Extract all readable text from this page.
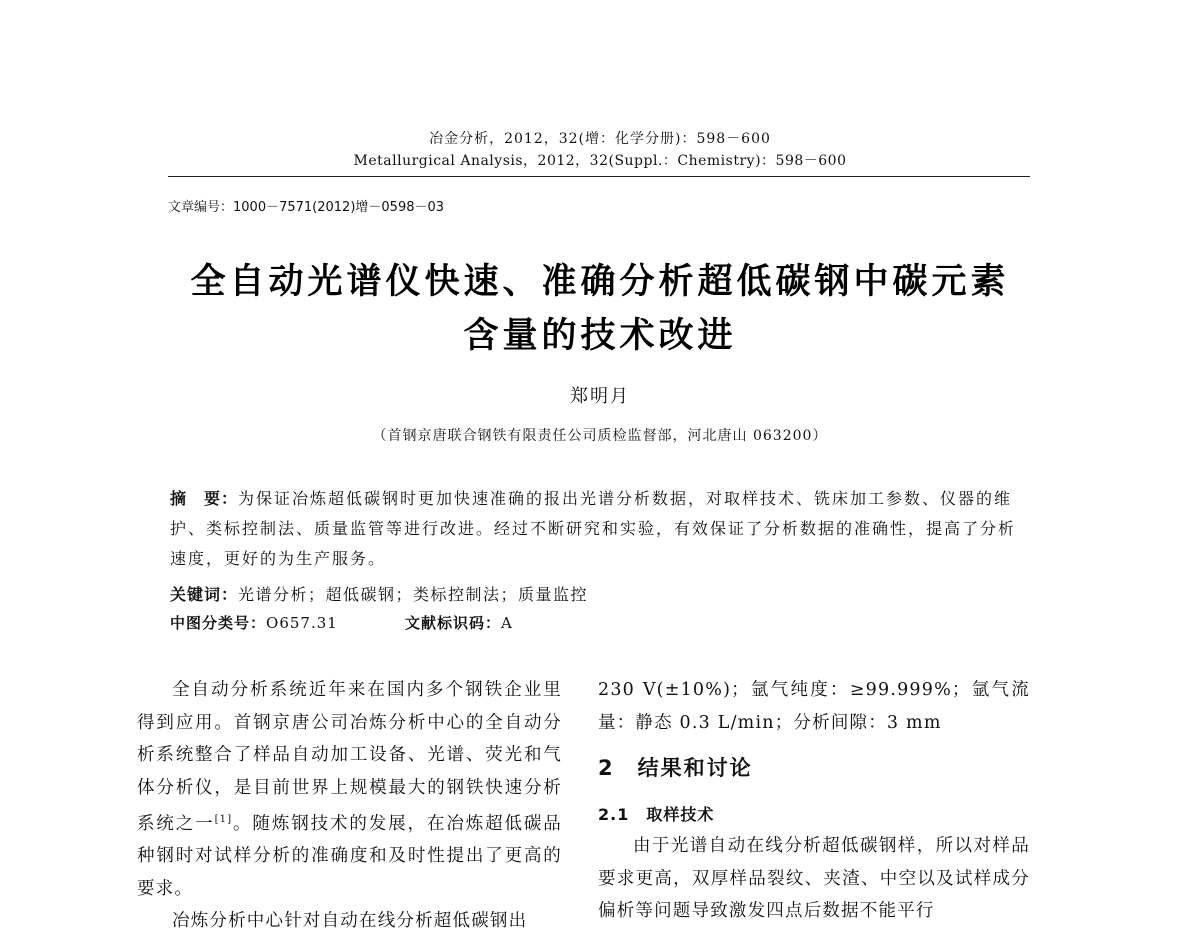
冶金分析，2012，32(增：化学分册)：598－600
Metallurgical Analysis，2012，32(Suppl.：Chemistry)：598－600
文章编号：1000－7571(2012)增－0598－03
全自动光谱仪快速、准确分析超低碳钢中碳元素
含量的技术改进
郑明月
（首钢京唐联合钢铁有限责任公司质检监督部，河北唐山 063200）

摘　要：为保证冶炼超低碳钢时更加快速准确的报出光谱分析数据，对取样技术、铣床加工参数、仪器的维护、类标控制法、质量监管等进行改进。经过不断研究和实验，有效保证了分析数据的准确性，提高了分析速度，更好的为生产服务。

关键词：光谱分析；超低碳钢；类标控制法；质量监控
中图分类号：O657.31	文献标识码：A

全自动分析系统近年来在国内多个钢铁企业里得到应用。首钢京唐公司冶炼分析中心的全自动分析系统整合了样品自动加工设备、光谱、荧光和气体分析仪，是目前世界上规模最大的钢铁快速分析系统之一[1]。随炼钢技术的发展，在冶炼超低碳品种钢时对试样分析的准确度和及时性提出了更高的要求。

冶炼分析中心针对自动在线分析超低碳钢出

230 V(±10%)；氩气纯度：≥99.999%；氩气流量：静态 0.3 L/min；分析间隙：3 mm

2　结果和讨论
2.1　取样技术

由于光谱自动在线分析超低碳钢样，所以对样品要求更高，双厚样品裂纹、夹渣、中空以及试样成分偏析等问题导致激发四点后数据不能平行
